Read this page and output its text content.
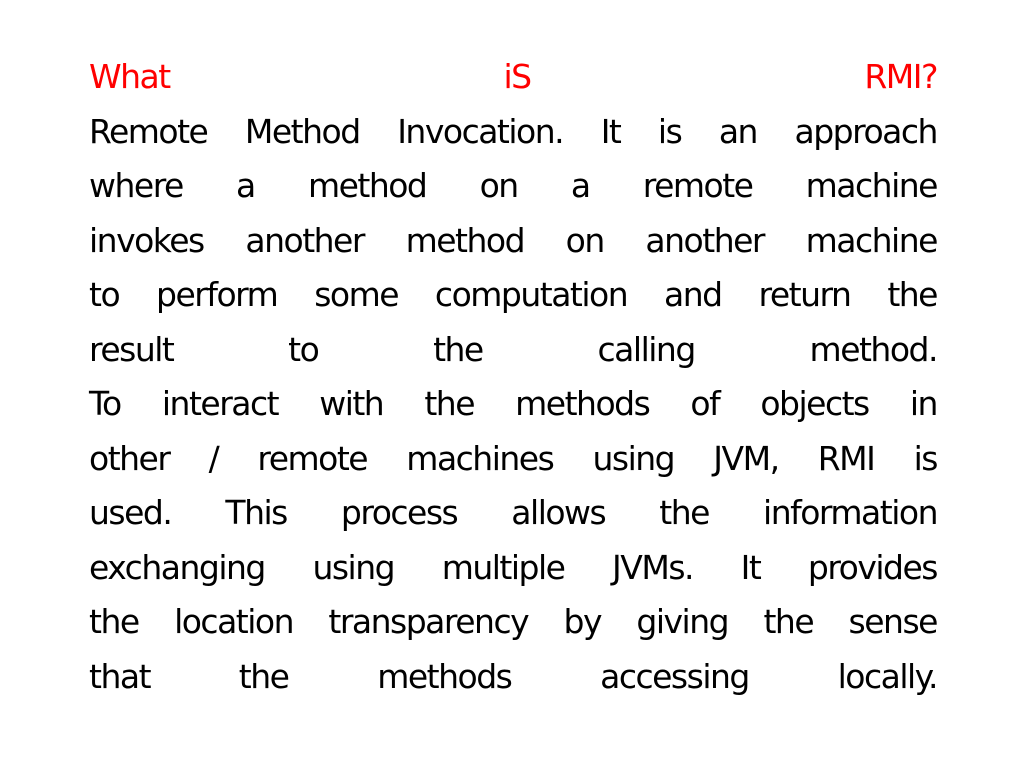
What	iS	RMI?
Remote Method Invocation. It is an approach
where a method on a remote machine
invokes another method on another machine
to perform some computation and return the
result	to	the	calling	method.
To interact with the methods of objects in
other / remote machines using JVM, RMI is
used. This process allows the information
exchanging using multiple JVMs. It provides
the location transparency by giving the sense
that	the	methods	accessing	locally.
